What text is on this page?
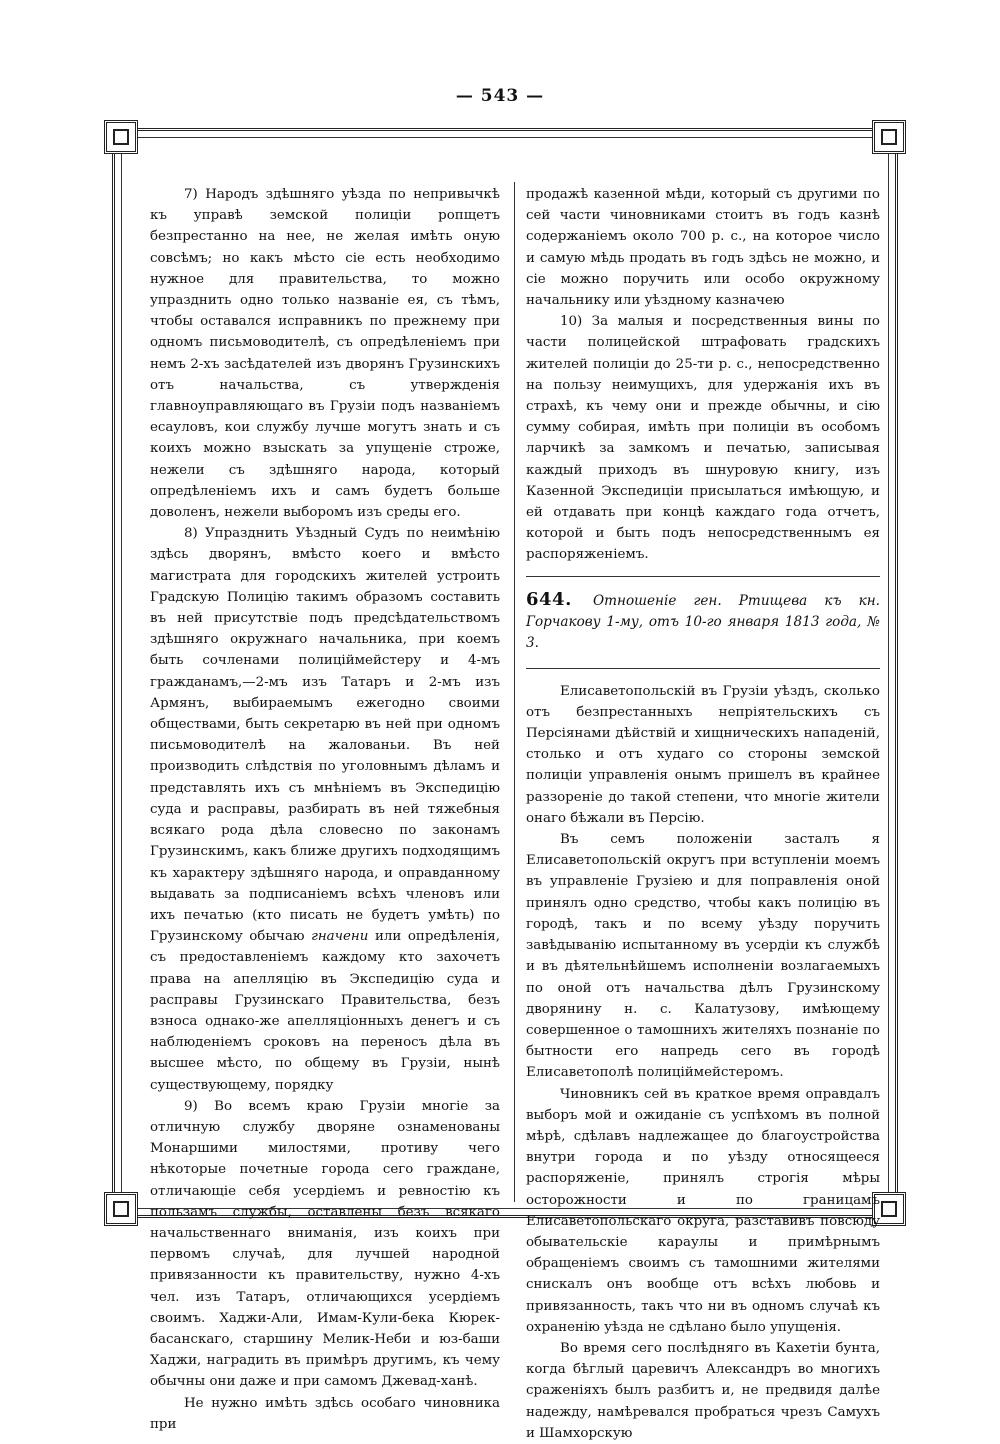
— 543 —

7) Народъ здѣшняго уѣзда по непривычкѣ къ управѣ земской полиціи ропщетъ безпрестанно на нее, не желая имѣть оную совсѣмъ; но какъ мѣсто сіе есть необходимо нужное для правительства, то можно упразднить одно только названіе ея, съ тѣмъ, чтобы оставался исправникъ по прежнему при одномъ письмоводителѣ, съ опредѣленіемъ при немъ 2-хъ засѣдателей изъ дворянъ Грузинскихъ отъ начальства, съ утвержденія главноуправляющаго въ Грузіи подъ названіемъ есауловъ, кои службу лучше могутъ знать и съ коихъ можно взыскать за упущеніе строже, нежели съ здѣшняго народа, который опредѣленіемъ ихъ и самъ будетъ больше доволенъ, нежели выборомъ изъ среды его.

8) Упразднить Уѣздный Судъ по неимѣнію здѣсь дворянъ, вмѣсто коего и вмѣсто магистрата для городскихъ жителей устроить Градскую Полицію такимъ образомъ составить въ ней присутствіе подъ предсѣдательствомъ здѣшняго окружнаго начальника, при коемъ быть сочленами полиціймейстеру и 4-мъ гражданамъ,—2-мъ изъ Татаръ и 2-мъ изъ Армянъ, выбираемымъ ежегодно своими обществами, быть секретарю въ ней при одномъ письмоводителѣ на жалованьи. Въ ней производить слѣдствія по уголовнымъ дѣламъ и представлять ихъ съ мнѣніемъ въ Экспедицію суда и расправы, разбирать въ ней тяжебныя всякаго рода дѣла словесно по законамъ Грузинскимъ, какъ ближе другихъ подходящимъ къ характеру здѣшняго народа, и оправданному выдавать за подписаніемъ всѣхъ членовъ или ихъ печатью (кто писать не будетъ умѣть) по Грузинскому обычаю гначени или опредѣленія, съ предоставленіемъ каждому кто захочетъ права на апелляцію въ Экспедицію суда и расправы Грузинскаго Правительства, безъ взноса однако-же апелляціонныхъ денегъ и съ наблюденіемъ сроковъ на переносъ дѣла въ высшее мѣсто, по общему въ Грузіи, нынѣ существующему, порядку

9) Во всемъ краю Грузіи многіе за отличную службу дворяне ознаменованы Монаршими милостями, противу чего нѣкоторые почетные города сего граждане, отличающіе себя усердіемъ и ревностію къ пользамъ службы, оставлены безъ всякаго начальственнаго вниманія, изъ коихъ при первомъ случаѣ, для лучшей народной привязанности къ правительству, нужно 4-хъ чел. изъ Татаръ, отличающихся усердіемъ своимъ. Хаджи-Али, Имам-Кули-бека Кюрек-басанскаго, старшину Мелик-Неби и юз-баши Хаджи, наградить въ примѣръ другимъ, къ чему обычны они даже и при самомъ Джевад-ханѣ.

Не нужно имѣть здѣсь особаго чиновника при

продажѣ казенной мѣди, который съ другими по сей части чиновниками стоитъ въ годъ казнѣ содержаніемъ около 700 р. с., на которое число и самую мѣдь продать въ годъ здѣсь не можно, и сіе можно поручить или особо окружному начальнику или уѣздному казначею

10) За малыя и посредственныя вины по части полицейской штрафовать градскихъ жителей полиціи до 25-ти р. с., непосредственно на пользу неимущихъ, для удержанія ихъ въ страхѣ, къ чему они и прежде обычны, и сію сумму собирая, имѣть при полиціи въ особомъ ларчикѣ за замкомъ и печатью, записывая каждый приходъ въ шнуровую книгу, изъ Казенной Экспедиціи присылаться имѣющую, и ей отдавать при концѣ каждаго года отчетъ, которой и быть подъ непосредственнымъ ея распоряженіемъ.

644. Отношеніе ген. Ртищева къ кн. Горчакову 1-му, отъ 10-го января 1813 года, № 3.

Елисаветопольскій въ Грузіи уѣздъ, сколько отъ безпрестанныхъ непріятельскихъ съ Персіянами дѣйствій и хищническихъ нападеній, столько и отъ худаго со стороны земской полиціи управленія онымъ пришелъ въ крайнее раззореніе до такой степени, что многіе жители онаго бѣжали въ Персію.

Въ семъ положеніи засталъ я Елисаветопольскій округъ при вступленіи моемъ въ управленіе Грузіею и для поправленія оной принялъ одно средство, чтобы какъ полицію въ городѣ, такъ и по всему уѣзду поручить завѣдыванію испытанному въ усердіи къ службѣ и въ дѣятельнѣйшемъ исполненіи возлагаемыхъ по оной отъ начальства дѣлъ Грузинскому дворянину н. с. Калатузову, имѣющему совершенное о тамошнихъ жителяхъ познаніе по бытности его напредь сего въ городѣ Елисаветополѣ полиціймейстеромъ.

Чиновникъ сей въ краткое время оправдалъ выборъ мой и ожиданіе съ успѣхомъ въ полной мѣрѣ, сдѣлавъ надлежащее до благоустройства внутри города и по уѣзду относящееся распоряженіе, принялъ строгія мѣры осторожности и по границамъ Елисаветопольскаго округа, разставивъ повсюду обывательскіе караулы и примѣрнымъ обращеніемъ своимъ съ тамошними жителями снискалъ онъ вообще отъ всѣхъ любовь и привязанность, такъ что ни въ одномъ случаѣ къ охраненію уѣзда не сдѣлано было упущенія.

Во время сего послѣдняго въ Кахетіи бунта, когда бѣглый царевичъ Александръ во многихъ сраженіяхъ былъ разбитъ и, не предвидя далѣе надежду, намѣревался пробраться чрезъ Самухъ и Шамхорскую
